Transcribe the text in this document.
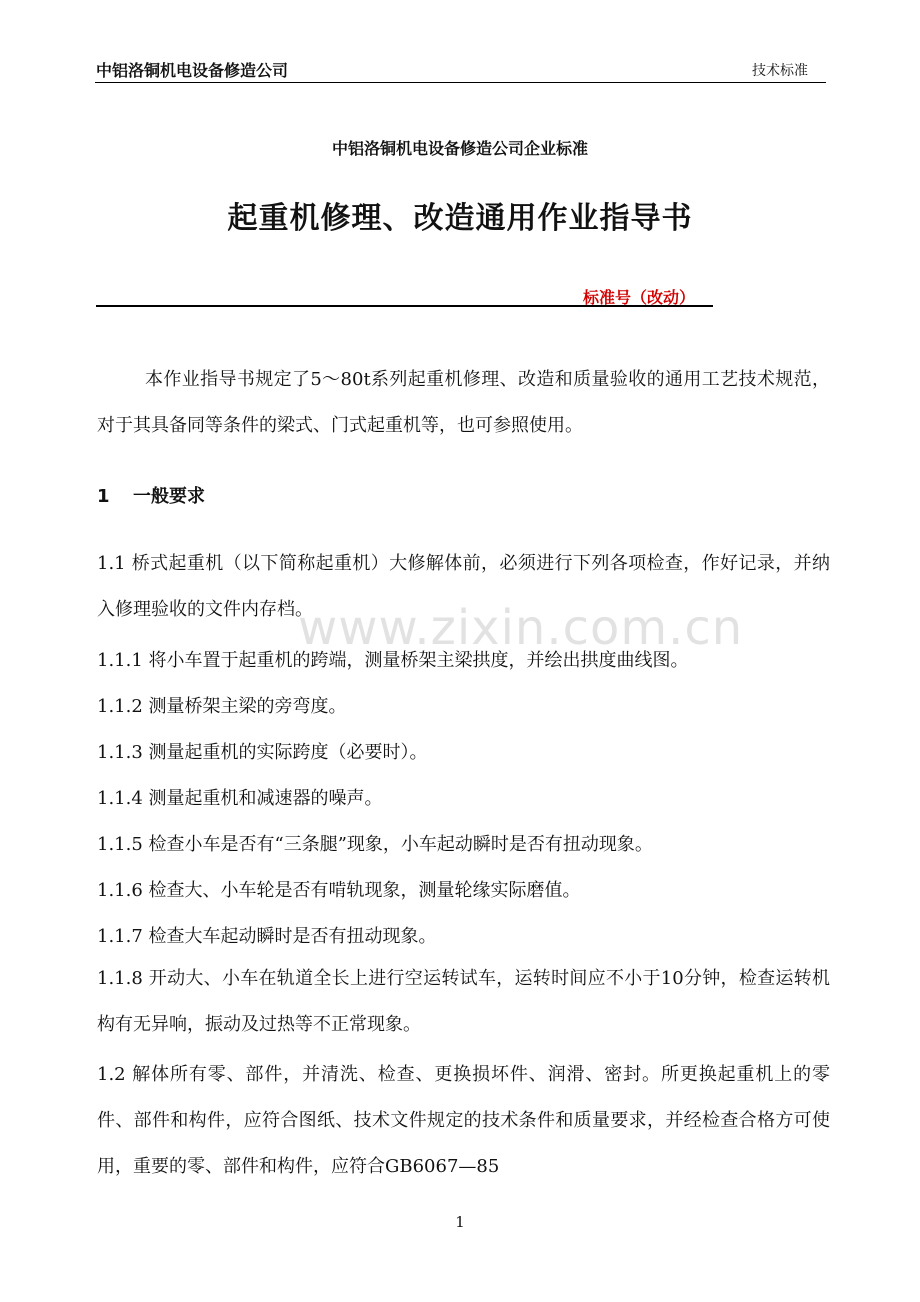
中铝洛铜机电设备修造公司	技术标准
中铝洛铜机电设备修造公司企业标准
起重机修理、改造通用作业指导书
标准号（改动）
本作业指导书规定了5～80t系列起重机修理、改造和质量验收的通用工艺技术规范，对于其具备同等条件的梁式、门式起重机等，也可参照使用。
1 一般要求
1.1 桥式起重机（以下简称起重机）大修解体前，必须进行下列各项检查，作好记录，并纳入修理验收的文件内存档。
1.1.1 将小车置于起重机的跨端，测量桥架主梁拱度，并绘出拱度曲线图。
1.1.2 测量桥架主梁的旁弯度。
1.1.3 测量起重机的实际跨度（必要时）。
1.1.4 测量起重机和减速器的噪声。
1.1.5 检查小车是否有“三条腿”现象，小车起动瞬时是否有扭动现象。
1.1.6 检查大、小车轮是否有啃轨现象，测量轮缘实际磨值。
1.1.7 检查大车起动瞬时是否有扭动现象。
1.1.8 开动大、小车在轨道全长上进行空运转试车，运转时间应不小于10分钟，检查运转机构有无异响，振动及过热等不正常现象。
1.2 解体所有零、部件，并清洗、检查、更换损坏件、润滑、密封。所更换起重机上的零件、部件和构件，应符合图纸、技术文件规定的技术条件和质量要求，并经检查合格方可使用，重要的零、部件和构件，应符合GB6067—85
www.zixin.com.cn
1
